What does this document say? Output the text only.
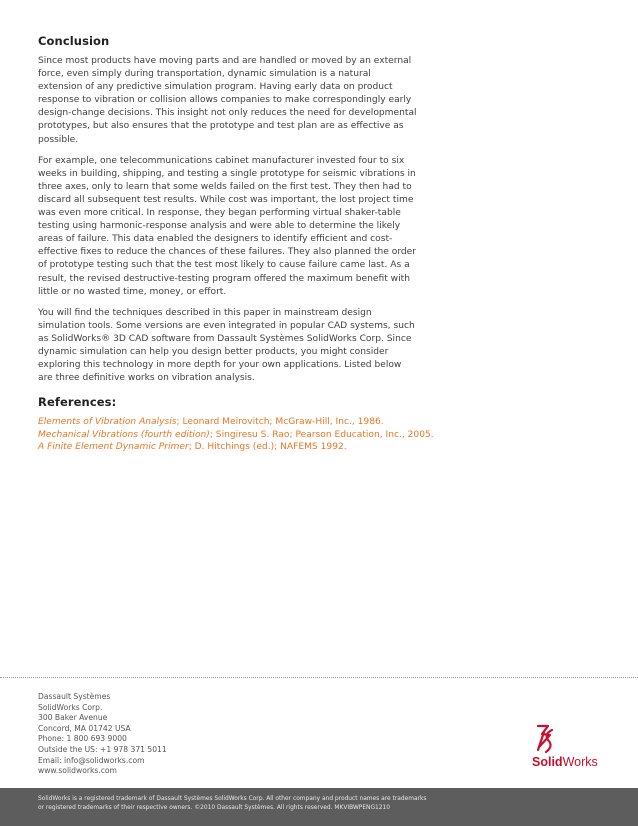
Conclusion

Since most products have moving parts and are handled or moved by an external force, even simply during transportation, dynamic simulation is a natural extension of any predictive simulation program. Having early data on product response to vibration or collision allows companies to make correspondingly early design-change decisions. This insight not only reduces the need for developmental prototypes, but also ensures that the prototype and test plan are as effective as possible.

For example, one telecommunications cabinet manufacturer invested four to six weeks in building, shipping, and testing a single prototype for seismic vibrations in three axes, only to learn that some welds failed on the first test. They then had to discard all subsequent test results. While cost was important, the lost project time was even more critical. In response, they began performing virtual shaker-table testing using harmonic-response analysis and were able to determine the likely areas of failure. This data enabled the designers to identify efficient and cost-effective fixes to reduce the chances of these failures. They also planned the order of prototype testing such that the test most likely to cause failure came last. As a result, the revised destructive-testing program offered the maximum benefit with little or no wasted time, money, or effort.

You will find the techniques described in this paper in mainstream design simulation tools. Some versions are even integrated in popular CAD systems, such as SolidWorks® 3D CAD software from Dassault Systèmes SolidWorks Corp. Since dynamic simulation can help you design better products, you might consider exploring this technology in more depth for your own applications. Listed below are three definitive works on vibration analysis.

References:
Elements of Vibration Analysis; Leonard Meirovitch; McGraw-Hill, Inc., 1986.
Mechanical Vibrations (fourth edition); Singiresu S. Rao; Pearson Education, Inc., 2005.
A Finite Element Dynamic Primer; D. Hitchings (ed.); NAFEMS 1992.
Dassault Systèmes
SolidWorks Corp.
300 Baker Avenue
Concord, MA 01742 USA
Phone: 1 800 693 9000
Outside the US: +1 978 371 5011
Email: info@solidworks.com
www.solidworks.com
SolidWorks
SolidWorks is a registered trademark of Dassault Systèmes SolidWorks Corp. All other company and product names are trademarks
or registered trademarks of their respective owners. ©2010 Dassault Systèmes. All rights reserved. MKVIBWPENG1210
